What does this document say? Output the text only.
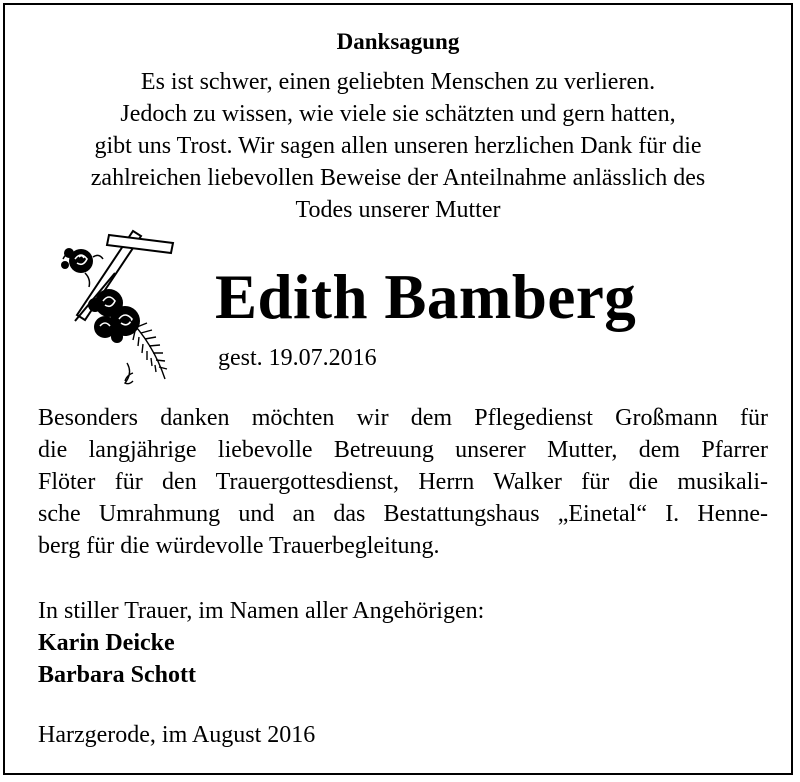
Danksagung
Es ist schwer, einen geliebten Menschen zu verlieren.
Jedoch zu wissen, wie viele sie schätzten und gern hatten,
gibt uns Trost. Wir sagen allen unseren herzlichen Dank für die
zahlreichen liebevollen Beweise der Anteilnahme anlässlich des
Todes unserer Mutter
Edith Bamberg
gest. 19.07.2016
Besonders danken möchten wir dem Pflegedienst Großmann für
die langjährige liebevolle Betreuung unserer Mutter, dem Pfarrer
Flöter für den Trauergottesdienst, Herrn Walker für die musikali-
sche Umrahmung und an das Bestattungshaus „Einetal“ I. Henne-
berg für die würdevolle Trauerbegleitung.
In stiller Trauer, im Namen aller Angehörigen:
Karin Deicke
Barbara Schott
Harzgerode, im August 2016
